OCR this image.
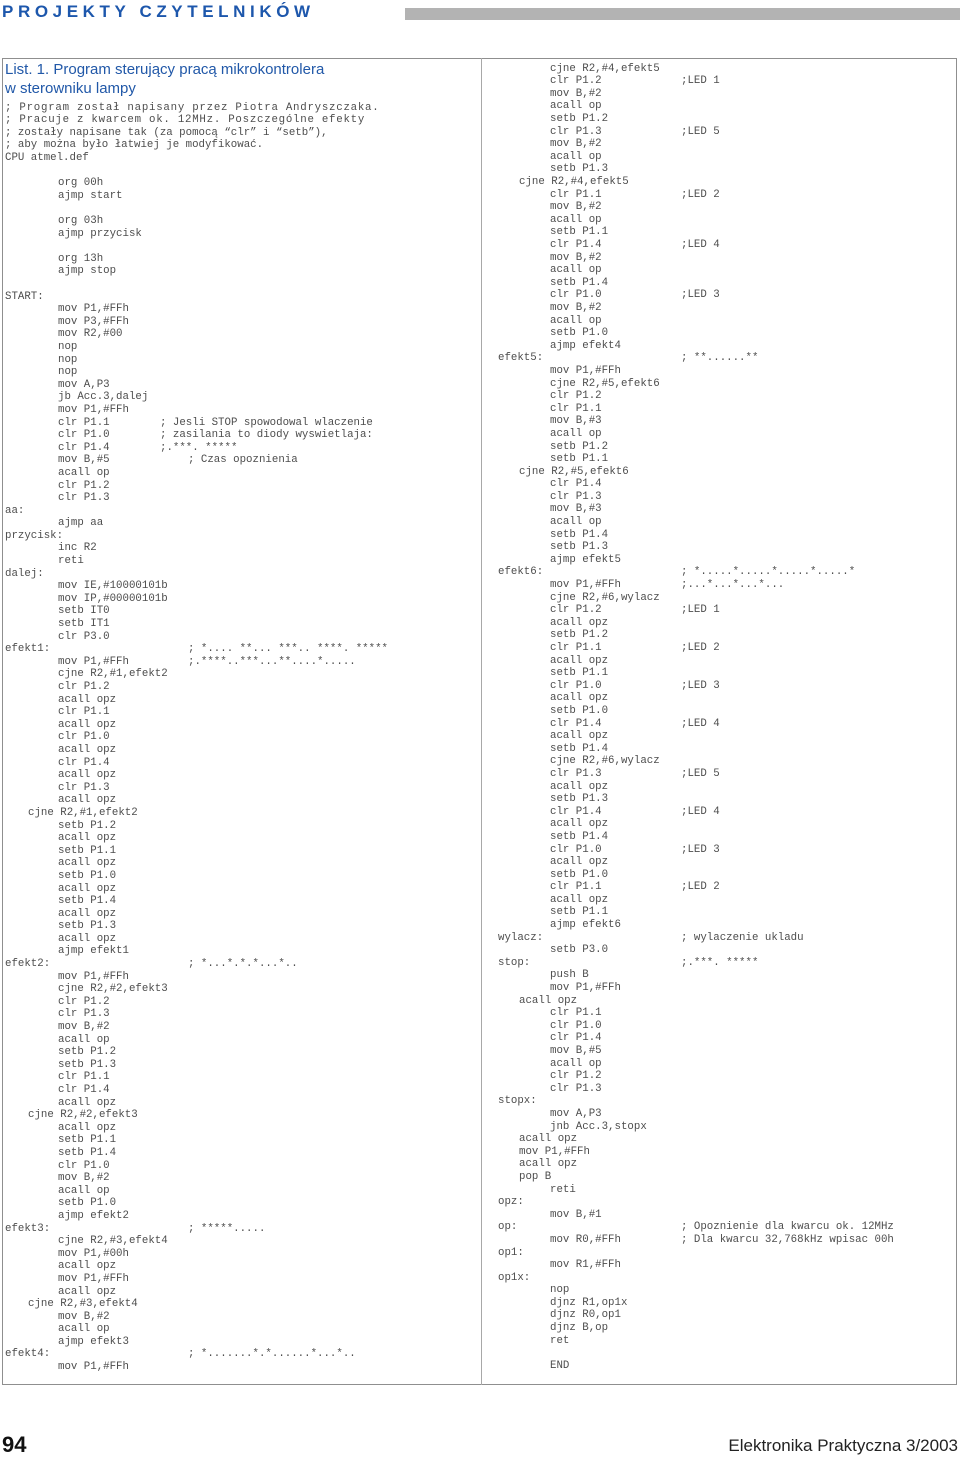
PROJEKTY CZYTELNIKÓW
List. 1. Program sterujący pracą mikrokontrolera
w sterowniku lampy
; Program został napisany przez Piotra Andryszczaka.
; Pracuje z kwarcem ok. 12MHz. Poszczególne efekty
; zostały napisane tak (za pomocą “clr” i “setb”),
; aby można było łatwiej je modyfikować.
CPU atmel.def
org 00h
ajmp start
org 03h
ajmp przycisk
org 13h
ajmp stop
START:
mov P1,#FFh
mov P3,#FFh
mov R2,#00
nop
nop
nop
mov A,P3
jb Acc.3,dalej
mov P1,#FFh
clr P1.1	; Jesli STOP spowodowal wlaczenie
clr P1.0	; zasilania to diody wyswietlaja:
clr P1.4	;.***. *****
mov B,#5	; Czas opoznienia
acall op
clr P1.2
clr P1.3
aa:
ajmp aa
przycisk:
inc R2
reti
dalej:
mov IE,#10000101b
mov IP,#00000101b
setb IT0
setb IT1
clr P3.0
efekt1:	; *.... **... ***.. ****. *****
mov P1,#FFh	;.****..***...**....*.....
cjne R2,#1,efekt2
clr P1.2
acall opz
clr P1.1
acall opz
clr P1.0
acall opz
clr P1.4
acall opz
clr P1.3
acall opz
cjne R2,#1,efekt2
setb P1.2
acall opz
setb P1.1
acall opz
setb P1.0
acall opz
setb P1.4
acall opz
setb P1.3
acall opz
ajmp efekt1
efekt2:	; *...*.*.*...*..
mov P1,#FFh
cjne R2,#2,efekt3
clr P1.2
clr P1.3
mov B,#2
acall op
setb P1.2
setb P1.3
clr P1.1
clr P1.4
acall opz
cjne R2,#2,efekt3
acall opz
setb P1.1
setb P1.4
clr P1.0
mov B,#2
acall op
setb P1.0
ajmp efekt2
efekt3:	; *****.....
cjne R2,#3,efekt4
mov P1,#00h
acall opz
mov P1,#FFh
acall opz
cjne R2,#3,efekt4
mov B,#2
acall op
ajmp efekt3
efekt4:	; *.......*.*......*...*..
mov P1,#FFh
cjne R2,#4,efekt5
clr P1.2	;LED 1
mov B,#2
acall op
setb P1.2
clr P1.3	;LED 5
mov B,#2
acall op
setb P1.3
cjne R2,#4,efekt5
clr P1.1	;LED 2
mov B,#2
acall op
setb P1.1
clr P1.4	;LED 4
mov B,#2
acall op
setb P1.4
clr P1.0	;LED 3
mov B,#2
acall op
setb P1.0
ajmp efekt4
efekt5:	; **......**
mov P1,#FFh
cjne R2,#5,efekt6
clr P1.2
clr P1.1
mov B,#3
acall op
setb P1.2
setb P1.1
cjne R2,#5,efekt6
clr P1.4
clr P1.3
mov B,#3
acall op
setb P1.4
setb P1.3
ajmp efekt5
efekt6:	; *.....*.....*.....*.....*
mov P1,#FFh	;...*...*...*...
cjne R2,#6,wylacz
clr P1.2	;LED 1
acall opz
setb P1.2
clr P1.1	;LED 2
acall opz
setb P1.1
clr P1.0	;LED 3
acall opz
setb P1.0
clr P1.4	;LED 4
acall opz
setb P1.4
cjne R2,#6,wylacz
clr P1.3	;LED 5
acall opz
setb P1.3
clr P1.4	;LED 4
acall opz
setb P1.4
clr P1.0	;LED 3
acall opz
setb P1.0
clr P1.1	;LED 2
acall opz
setb P1.1
ajmp efekt6
wylacz:	; wylaczenie ukladu
setb P3.0
stop:	;.***. *****
push B
mov P1,#FFh
acall opz
clr P1.1
clr P1.0
clr P1.4
mov B,#5
acall op
clr P1.2
clr P1.3
stopx:
mov A,P3
jnb Acc.3,stopx
acall opz
mov P1,#FFh
acall opz
pop B
reti
opz:
mov B,#1
op:	; Opoznienie dla kwarcu ok. 12MHz
mov R0,#FFh	; Dla kwarcu 32,768kHz wpisac 00h
op1:
mov R1,#FFh
op1x:
nop
djnz R1,op1x
djnz R0,op1
djnz B,op
ret
END
94	Elektronika Praktyczna 3/2003
